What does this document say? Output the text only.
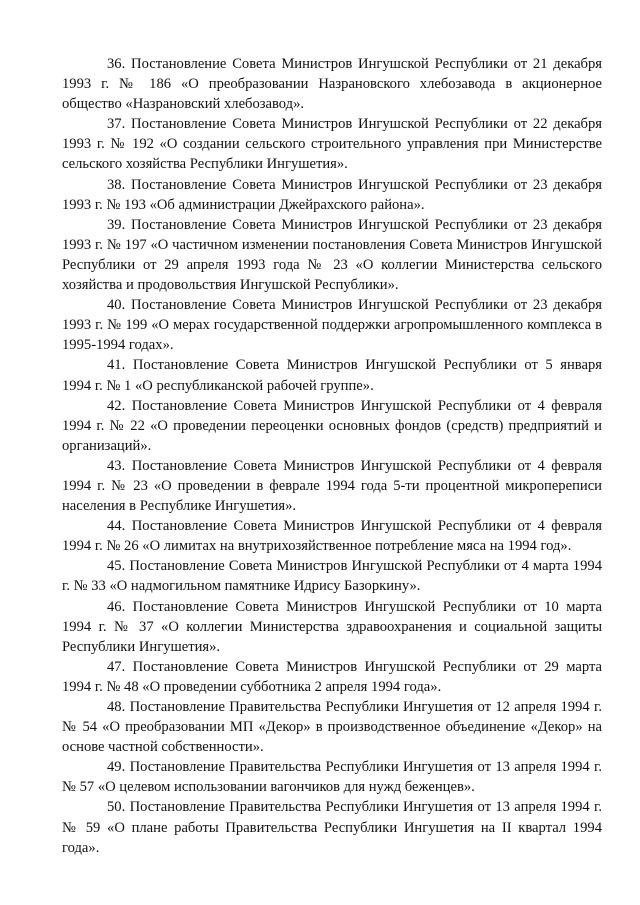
36. Постановление Совета Министров Ингушской Республики от 21 декабря 1993 г. № 186 «О преобразовании Назрановского хлебозавода в акционерное общество «Назрановский хлебозавод».

37. Постановление Совета Министров Ингушской Республики от 22 декабря 1993 г. № 192 «О создании сельского строительного управления при Министерстве сельского хозяйства Республики Ингушетия».

38. Постановление Совета Министров Ингушской Республики от 23 декабря 1993 г. № 193 «Об администрации Джейрахского района».

39. Постановление Совета Министров Ингушской Республики от 23 декабря 1993 г. № 197 «О частичном изменении постановления Совета Министров Ингушской Республики от 29 апреля 1993 года № 23 «О коллегии Министерства сельского хозяйства и продовольствия Ингушской Республики».

40. Постановление Совета Министров Ингушской Республики от 23 декабря 1993 г. № 199 «О мерах государственной поддержки агропромышленного комплекса в 1995-1994 годах».

41. Постановление Совета Министров Ингушской Республики от 5 января 1994 г. № 1 «О республиканской рабочей группе».

42. Постановление Совета Министров Ингушской Республики от 4 февраля 1994 г. № 22 «О проведении переоценки основных фондов (средств) предприятий и организаций».

43. Постановление Совета Министров Ингушской Республики от 4 февраля 1994 г. № 23 «О проведении в феврале 1994 года 5-ти процентной микропереписи населения в Республике Ингушетия».

44. Постановление Совета Министров Ингушской Республики от 4 февраля 1994 г. № 26 «О лимитах на внутрихозяйственное потребление мяса на 1994 год».

45. Постановление Совета Министров Ингушской Республики от 4 марта 1994 г. № 33 «О надмогильном памятнике Идрису Базоркину».

46. Постановление Совета Министров Ингушской Республики от 10 марта 1994 г. № 37 «О коллегии Министерства здравоохранения и социальной защиты Республики Ингушетия».

47. Постановление Совета Министров Ингушской Республики от 29 марта 1994 г. № 48 «О проведении субботника 2 апреля 1994 года».

48. Постановление Правительства Республики Ингушетия от 12 апреля 1994 г. № 54 «О преобразовании МП «Декор» в производственное объединение «Декор» на основе частной собственности».

49. Постановление Правительства Республики Ингушетия от 13 апреля 1994 г. № 57 «О целевом использовании вагончиков для нужд беженцев».

50. Постановление Правительства Республики Ингушетия от 13 апреля 1994 г. № 59 «О плане работы Правительства Республики Ингушетия на II квартал 1994 года».
